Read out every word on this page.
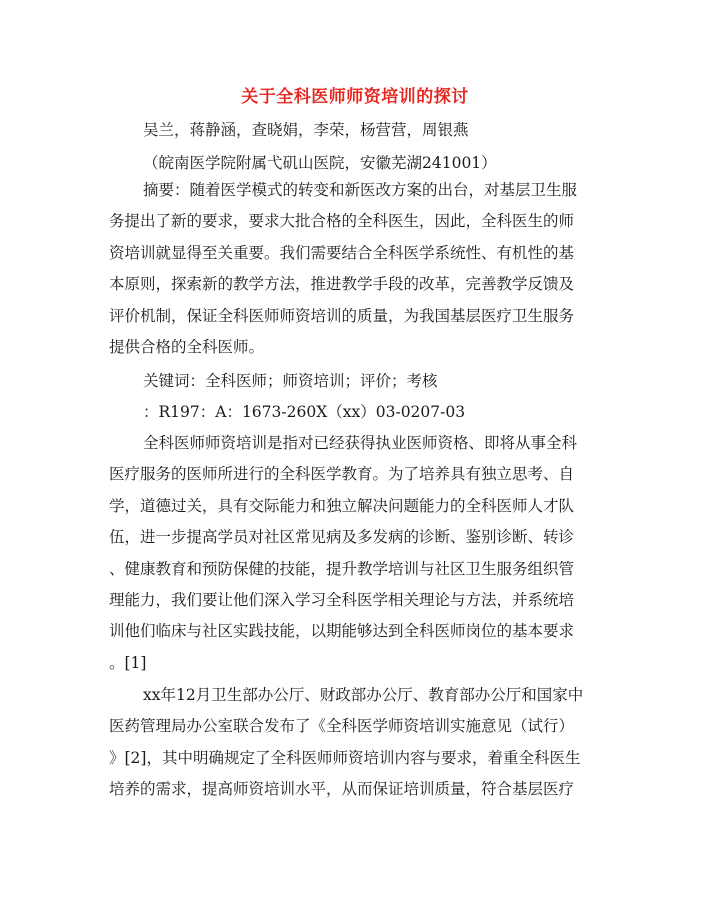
关于全科医师师资培训的探讨
吴兰，蒋静涵，查晓娟，李荣，杨营营，周银燕
（皖南医学院附属弋矶山医院，安徽芜湖241001）
摘要：随着医学模式的转变和新医改方案的出台，对基层卫生服
务提出了新的要求，要求大批合格的全科医生，因此，全科医生的师
资培训就显得至关重要。我们需要结合全科医学系统性、有机性的基
本原则，探索新的教学方法，推进教学手段的改革，完善教学反馈及
评价机制，保证全科医师师资培训的质量，为我国基层医疗卫生服务
提供合格的全科医师。
关键词：全科医师；师资培训；评价；考核
：R197：A：1673-260X（xx）03-0207-03
全科医师师资培训是指对已经获得执业医师资格、即将从事全科
医疗服务的医师所进行的全科医学教育。为了培养具有独立思考、自
学，道德过关，具有交际能力和独立解决问题能力的全科医师人才队
伍，进一步提高学员对社区常见病及多发病的诊断、鉴别诊断、转诊
、健康教育和预防保健的技能，提升教学培训与社区卫生服务组织管
理能力，我们要让他们深入学习全科医学相关理论与方法，并系统培
训他们临床与社区实践技能，以期能够达到全科医师岗位的基本要求
。[1]
xx年12月卫生部办公厅、财政部办公厅、教育部办公厅和国家中
医药管理局办公室联合发布了《全科医学师资培训实施意见（试行）
》[2]，其中明确规定了全科医师师资培训内容与要求，着重全科医生
培养的需求，提高师资培训水平，从而保证培训质量，符合基层医疗
